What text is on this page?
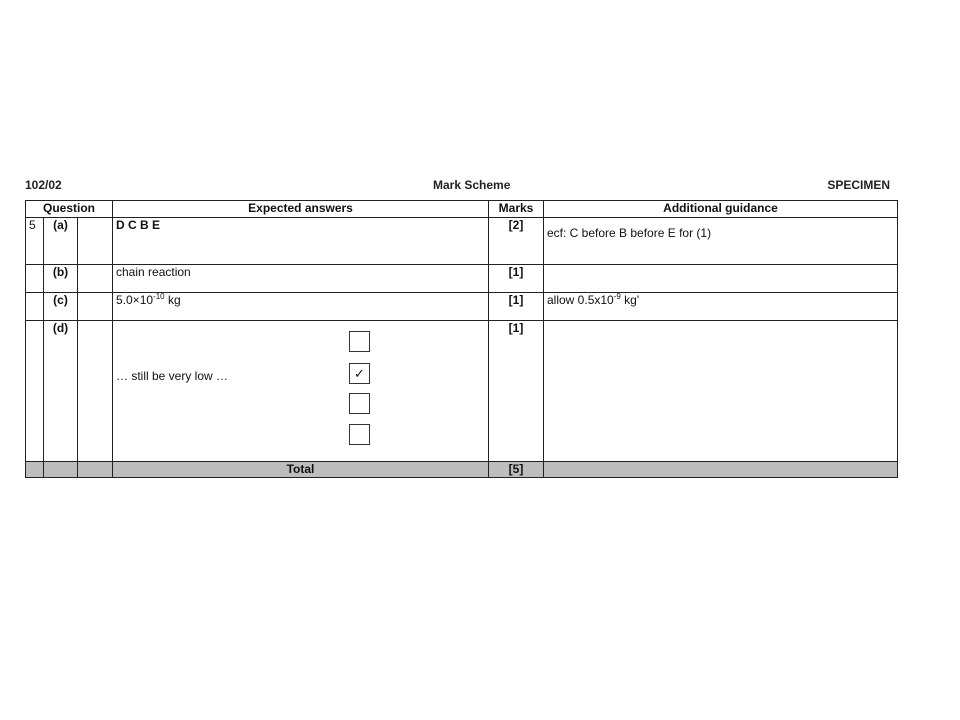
102/02	Mark Scheme	SPECIMEN
Question			Expected answers	Marks	Additional guidance
5	(a)		D C B E	[2]	ecf: C before B before E for (1)

	(b)		chain reaction	[1]	
	(c)		$5.0\times 10^{-10}$ kg	[1]	allow $0.5x10^{-9}$ kg'
	(d)		… still be very low … ✓	[1]	
			Total	[5]	
